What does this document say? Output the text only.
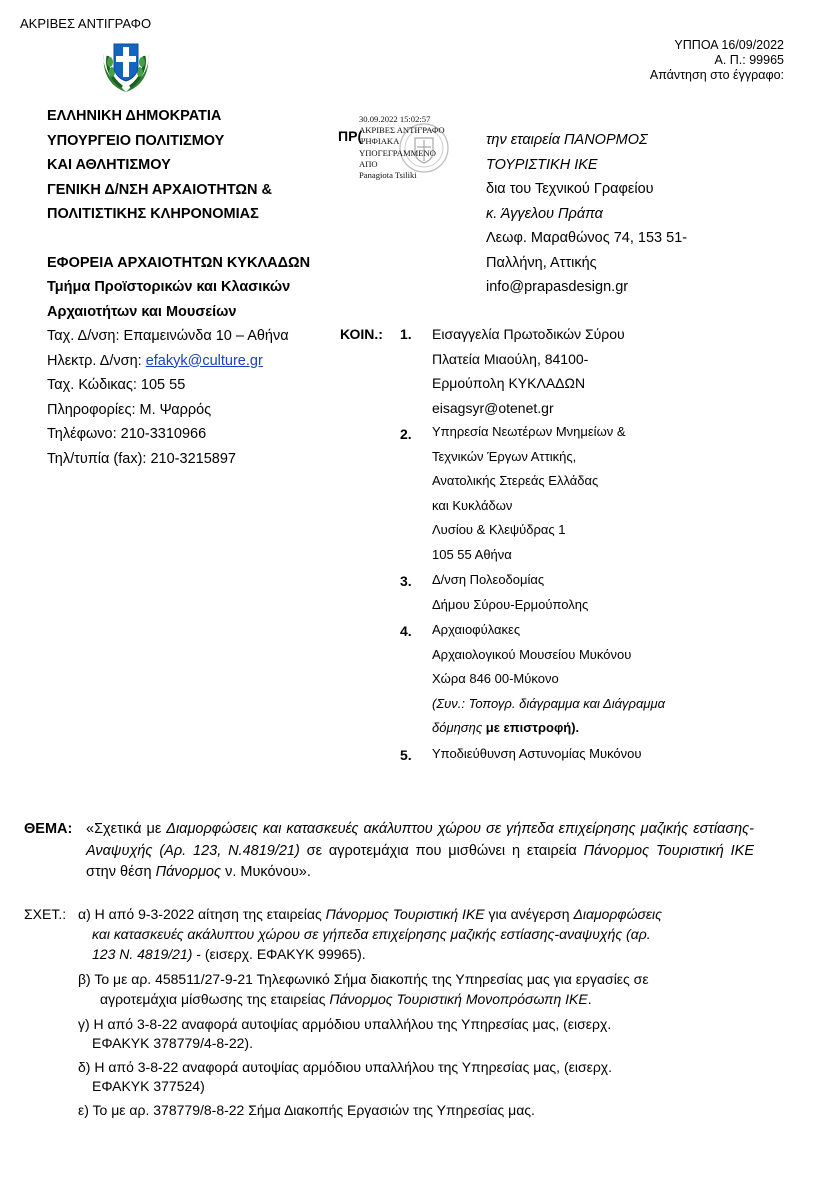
ΑΚΡΙΒΕΣ ΑΝΤΙΓΡΑΦΟ
ΥΠΠΟΑ 16/09/2022
Α. Π.: 99965
Απάντηση στο έγγραφο:
ΕΛΛΗΝΙΚΗ ΔΗΜΟΚΡΑΤΙΑ
ΥΠΟΥΡΓΕΙΟ ΠΟΛΙΤΙΣΜΟΥ
ΚΑΙ ΑΘΛΗΤΙΣΜΟΥ
ΓΕΝΙΚΗ Δ/ΝΣΗ ΑΡΧΑΙΟΤΗΤΩΝ &
ΠΟΛΙΤΙΣΤΙΚΗΣ ΚΛΗΡΟΝΟΜΙΑΣ
ΕΦΟΡΕΙΑ ΑΡΧΑΙΟΤΗΤΩΝ ΚΥΚΛΑΔΩΝ
Τμήμα Προϊστορικών και Κλασικών
Αρχαιοτήτων και Μουσείων
Ταχ. Δ/νση: Επαμεινώνδα 10 – Αθήνα
Ηλεκτρ. Δ/νση: efakyk@culture.gr
Ταχ. Κώδικας: 105 55
Πληροφορίες: Μ. Ψαρρός
Τηλέφωνο: 210-3310966
Τηλ/τυπία (fax): 210-3215897
ΠΡ(
30.09.2022 15:02:57
ΑΚΡΙΒΕΣ ΑΝΤΙΓΡΑΦΟ
ΨΗΦΙΑΚΑ
ΥΠΟΓΕΓΡΑΜΜΕΝΟ
ΑΠΟ
Panagiota Tsiliki
την εταιρεία ΠΑΝΟΡΜΟΣ
ΤΟΥΡΙΣΤΙΚΗ ΙΚΕ
δια του Τεχνικού Γραφείου
κ. Άγγελου Πράπα
Λεωφ. Μαραθώνος 74, 153 51-
Παλλήνη, Αττικής
info@prapasdesign.gr
ΚΟΙΝ.: 1. Εισαγγελία Πρωτοδικών Σύρου
Πλατεία Μιαούλη, 84100-
Ερμούπολη ΚΥΚΛΑΔΩΝ
eisagsyr@otenet.gr
2. Υπηρεσία Νεωτέρων Μνημείων &
Τεχνικών Έργων Αττικής,
Ανατολικής Στερεάς Ελλάδας
και Κυκλάδων
Λυσίου & Κλεψύδρας 1
105 55 Αθήνα
3. Δ/νση Πολεοδομίας
Δήμου Σύρου-Ερμούπολης
4. Αρχαιοφύλακες
Αρχαιολογικού Μουσείου Μυκόνου
Χώρα 846 00-Μύκονο
(Συν.: Τοπογρ. διάγραμμα και Διάγραμμα
δόμησης με επιστροφή).
5. Υποδιεύθυνση Αστυνομίας Μυκόνου
ΘΕΜΑ: «Σχετικά με Διαμορφώσεις και κατασκευές ακάλυπτου χώρου σε γήπεδα επιχείρησης μαζικής εστίασης-Αναψυχής (Αρ. 123, Ν.4819/21) σε αγροτεμάχια που μισθώνει η εταιρεία Πάνορμος Τουριστική ΙΚΕ στην θέση Πάνορμος ν. Μυκόνου».
ΣΧΕΤ.: α) Η από 9-3-2022 αίτηση της εταιρείας Πάνορμος Τουριστική ΙΚΕ για ανέγερση Διαμορφώσεις
και κατασκευές ακάλυπτου χώρου σε γήπεδα επιχείρησης μαζικής εστίασης-αναψυχής (αρ.
123 Ν. 4819/21) - (εισερχ. ΕΦΑΚΥΚ 99965).
β) Το με αρ. 458511/27-9-21 Τηλεφωνικό Σήμα διακοπής της Υπηρεσίας μας για εργασίες σε
αγροτεμάχια μίσθωσης της εταιρείας Πάνορμος Τουριστική Μονοπρόσωπη ΙΚΕ.
γ) Η από 3-8-22 αναφορά αυτοψίας αρμόδιου υπαλλήλου της Υπηρεσίας μας, (εισερχ.
ΕΦΑΚΥΚ 378779/4-8-22).
δ) Η από 3-8-22 αναφορά αυτοψίας αρμόδιου υπαλλήλου της Υπηρεσίας μας, (εισερχ.
ΕΦΑΚΥΚ 377524)
ε) Το με αρ. 378779/8-8-22 Σήμα Διακοπής Εργασιών της Υπηρεσίας μας.
